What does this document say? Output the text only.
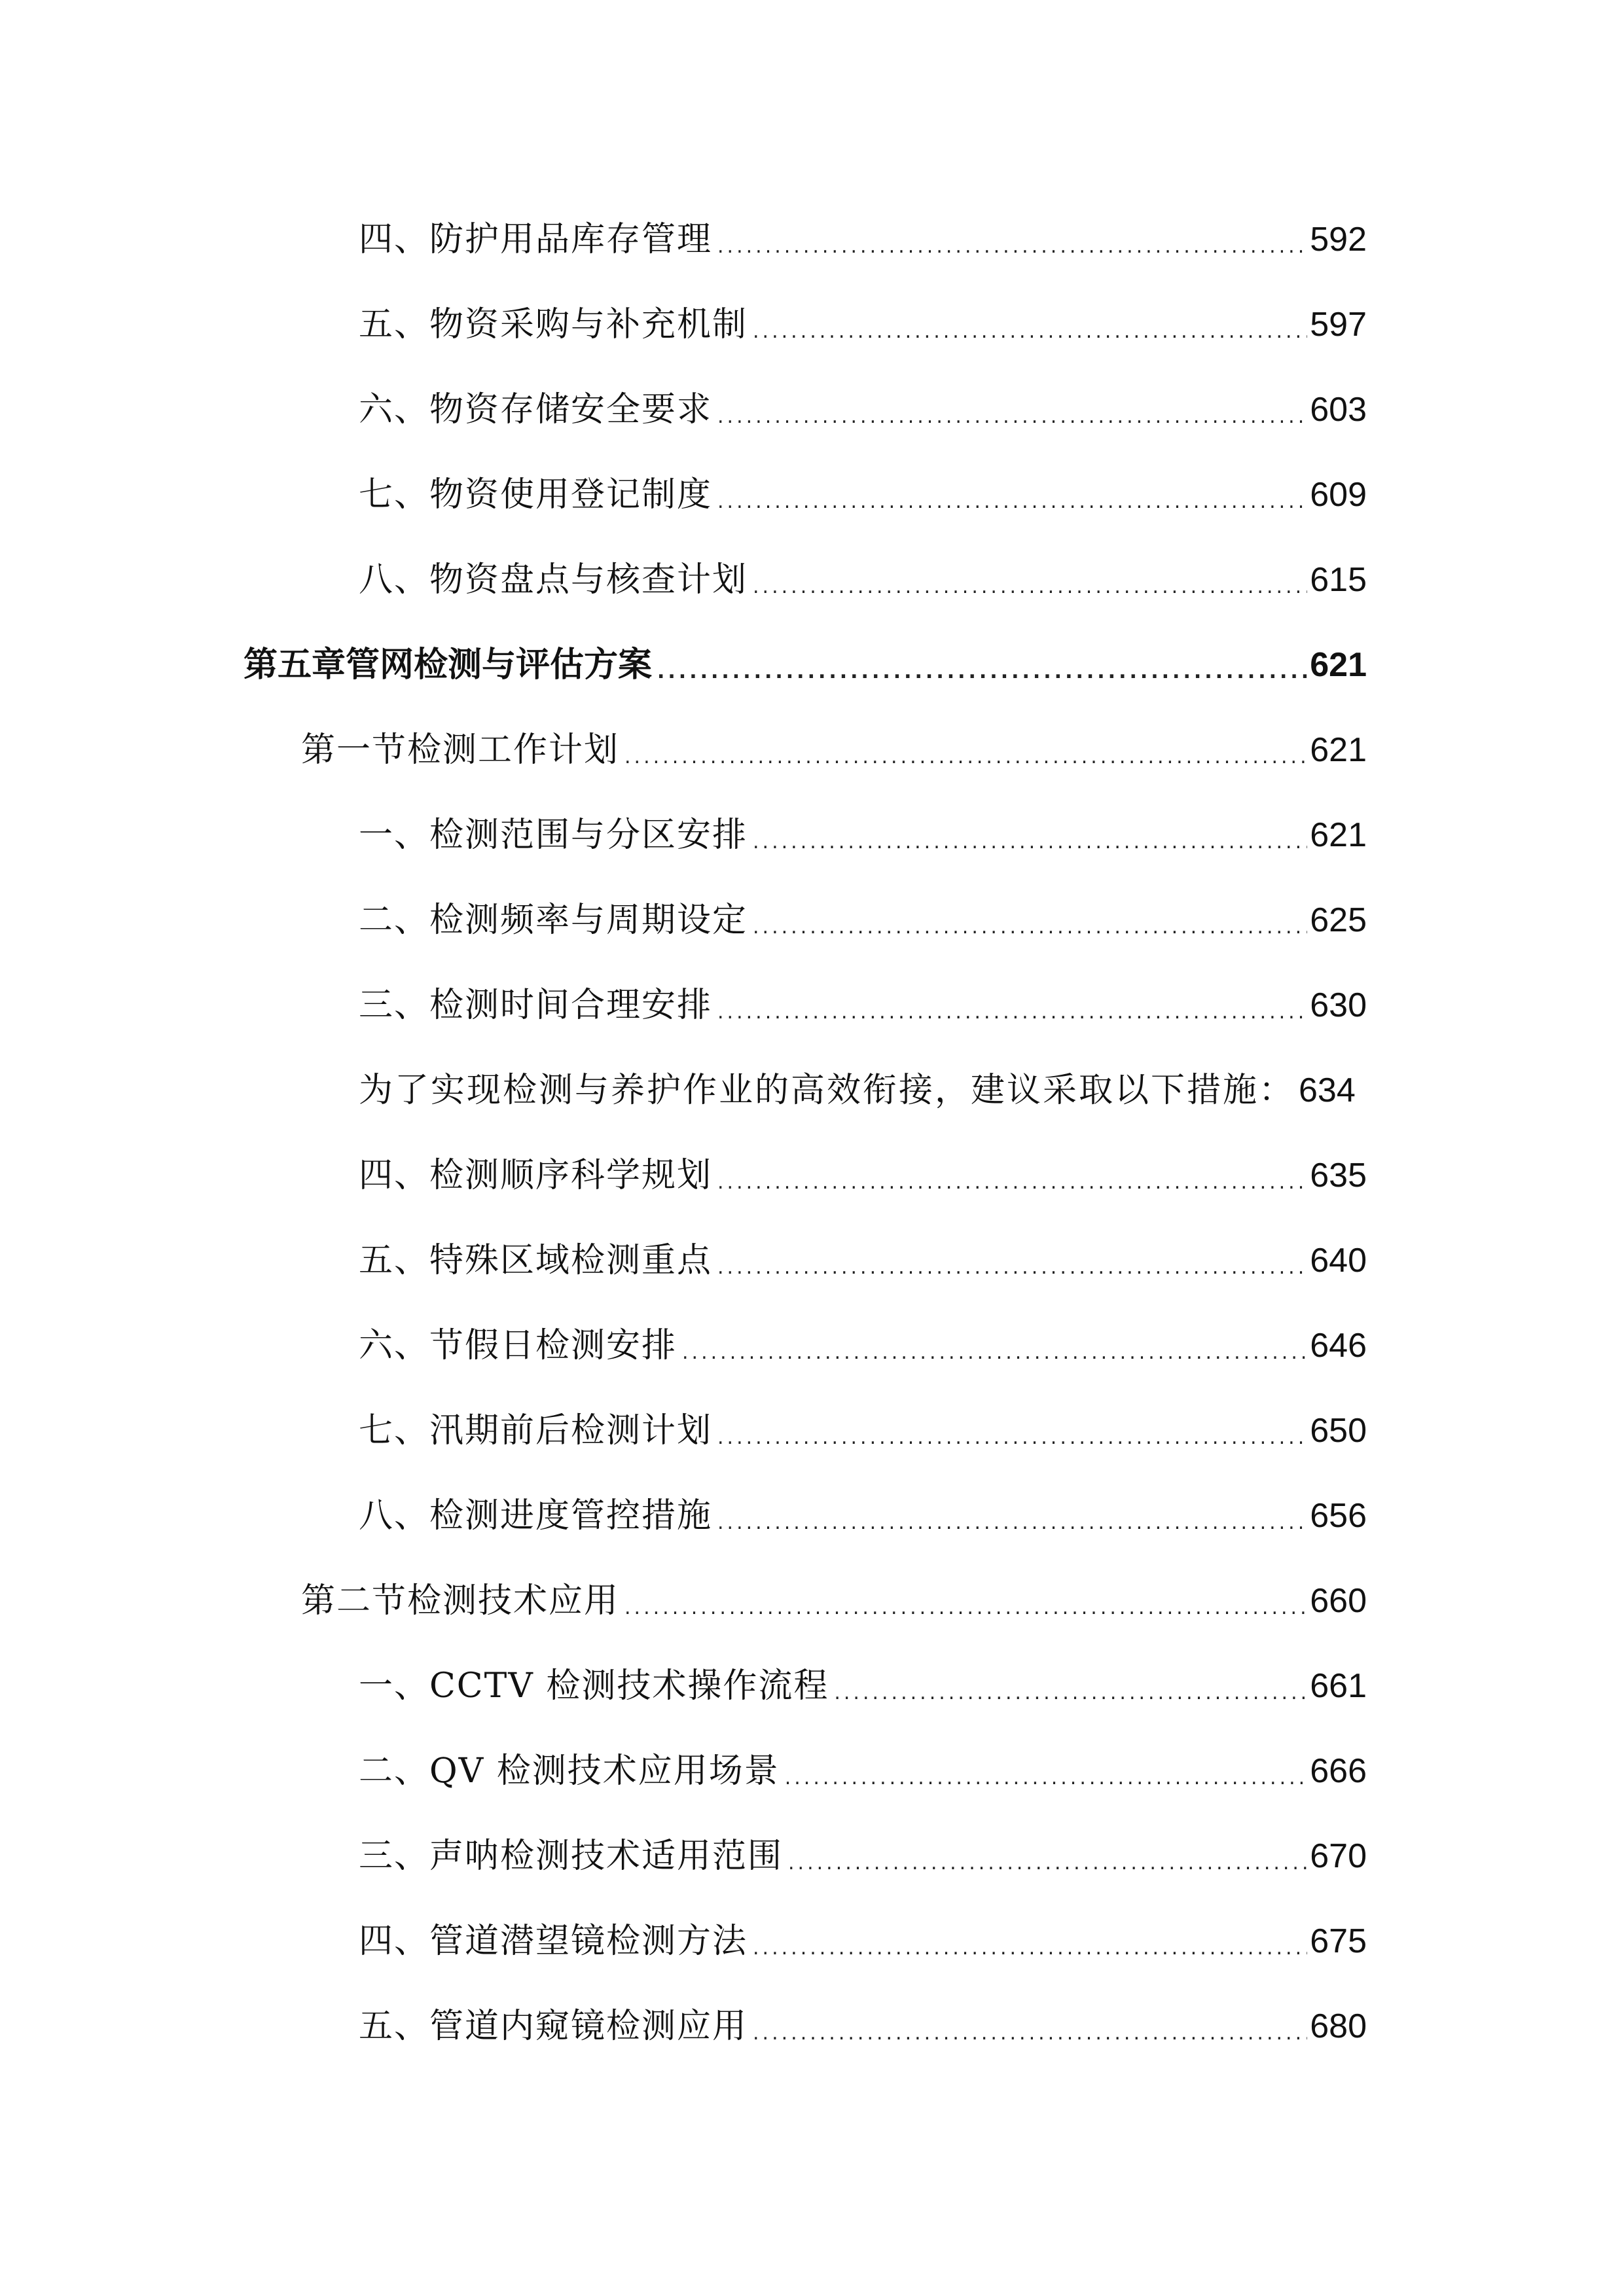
四、防护用品库存管理 .....	592
五、物资采购与补充机制 .....	597
六、物资存储安全要求 .....	603
七、物资使用登记制度 .....	609
八、物资盘点与核查计划 .....	615
第五章管网检测与评估方案 .....	621
第一节检测工作计划 .....	621
一、检测范围与分区安排 .....	621
二、检测频率与周期设定 .....	625
三、检测时间合理安排 .....	630
为了实现检测与养护作业的高效衔接，建议采取以下措施： 634
四、检测顺序科学规划 .....	635
五、特殊区域检测重点 .....	640
六、节假日检测安排 .....	646
七、汛期前后检测计划 .....	650
八、检测进度管控措施 .....	656
第二节检测技术应用 .....	660
一、CCTV 检测技术操作流程 .....	661
二、QV 检测技术应用场景 .....	666
三、声呐检测技术适用范围 .....	670
四、管道潜望镜检测方法 .....	675
五、管道内窥镜检测应用 .....	680
